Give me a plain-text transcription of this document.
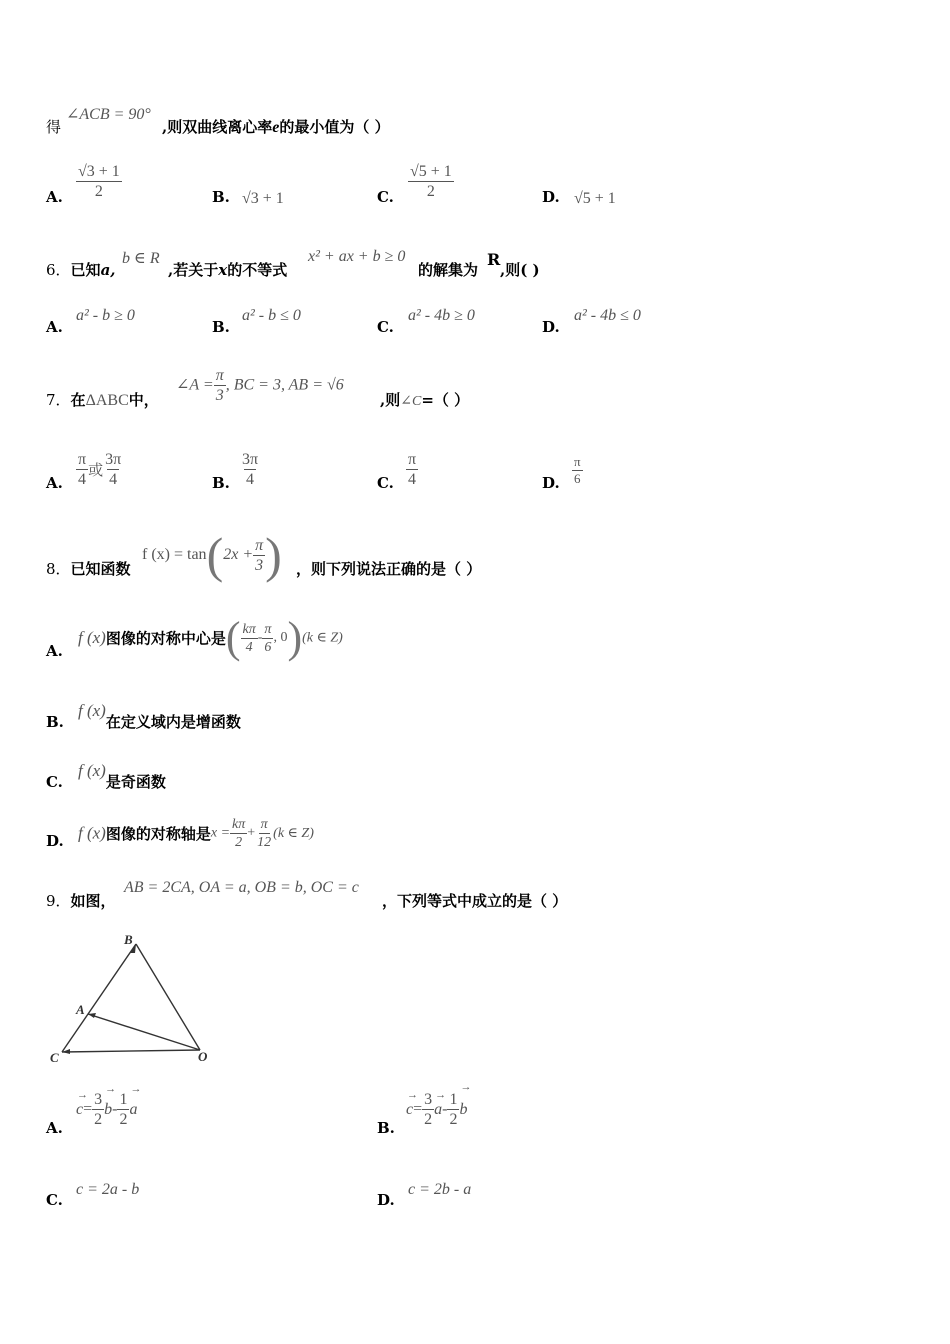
得
∠ACB = 90°
,则双曲线离心率e的最小值为（ ）
A. $\frac{√3 + 1}{2}$	B. √3 + 1	C. $\frac{√5 + 1}{2}$	D. √5 + 1
6．已知a,
b ∈ R
,若关于x的不等式
x² + ax + b ≥ 0
的解集为
R
,则( )
A.
a² - b ≥ 0
B.
a² - b ≤ 0
C.
a² - 4b ≥ 0
D.
a² - 4b ≤ 0
7．在ΔABC中，
∠A = $\frac{\pi}{3}$ , BC = 3, AB = √6
,则∠C=（ ）
A. $\frac{\pi}{4}$ 或 $\frac{3\pi}{4}$	B. $\frac{3\pi}{4}$	C. $\frac{\pi}{4}$	D. $\frac{\pi}{6}$
8．已知函数
f $(x) = \tan(2x + \frac{\pi}{3}$ ) ，则下列说法正确的是（ ）
A.
f (x)图像的对称中心是( $\frac{k\pi}{4} - \frac{\pi}{6}$ , 0)(k ∈ Z)
B.
f (x)在定义域内是增函数
C.
f (x)是奇函数
D. f (x)图像的对称轴是$x = \frac{k\pi}{2} + \frac{\pi}{12} (k$ ∈ Z)
9．如图，
AB = 2CA, OA = a, OB = b, OC = c
，下列等式中成立的是（ ）
B
A
C	O
A.
→
$c= \frac{3}{2}$
→
$b- \frac{1}{2}$
→
a
B.
→
$c= \frac{3}{2}$ →
$a- \frac{1}{2}$
→
b
C.
c = 2a - b
D.
c = 2b - a
